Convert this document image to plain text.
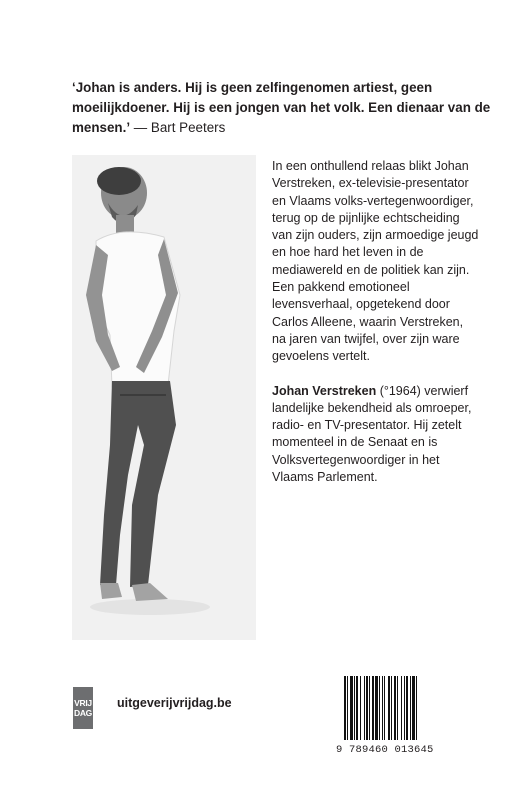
‘Johan is anders. Hij is geen zelfingenomen artiest, geen moeilijkdoener. Hij is een jongen van het volk. Een dienaar van de mensen.’ — Bart Peeters

In een onthullend relaas blikt Johan Verstreken, ex-televisie-presentator en Vlaams volks-vertegenwoordiger, terug op de pijnlijke echtscheiding van zijn ouders, zijn armoedige jeugd en hoe hard het leven in de mediawereld en de politiek kan zijn.

Een pakkend emotioneel levensverhaal, opgetekend door Carlos Alleene, waarin Verstreken, na jaren van twijfel, over zijn ware gevoelens vertelt.

Johan Verstreken (°1964) verwierf landelijke bekendheid als omroeper, radio- en TV-presentator. Hij zetelt momenteel in de Senaat en is Volksvertegenwoordiger in het Vlaams Parlement.

VRIJ
DAG
uitgeverijvrijdag.be
9 789460 013645
